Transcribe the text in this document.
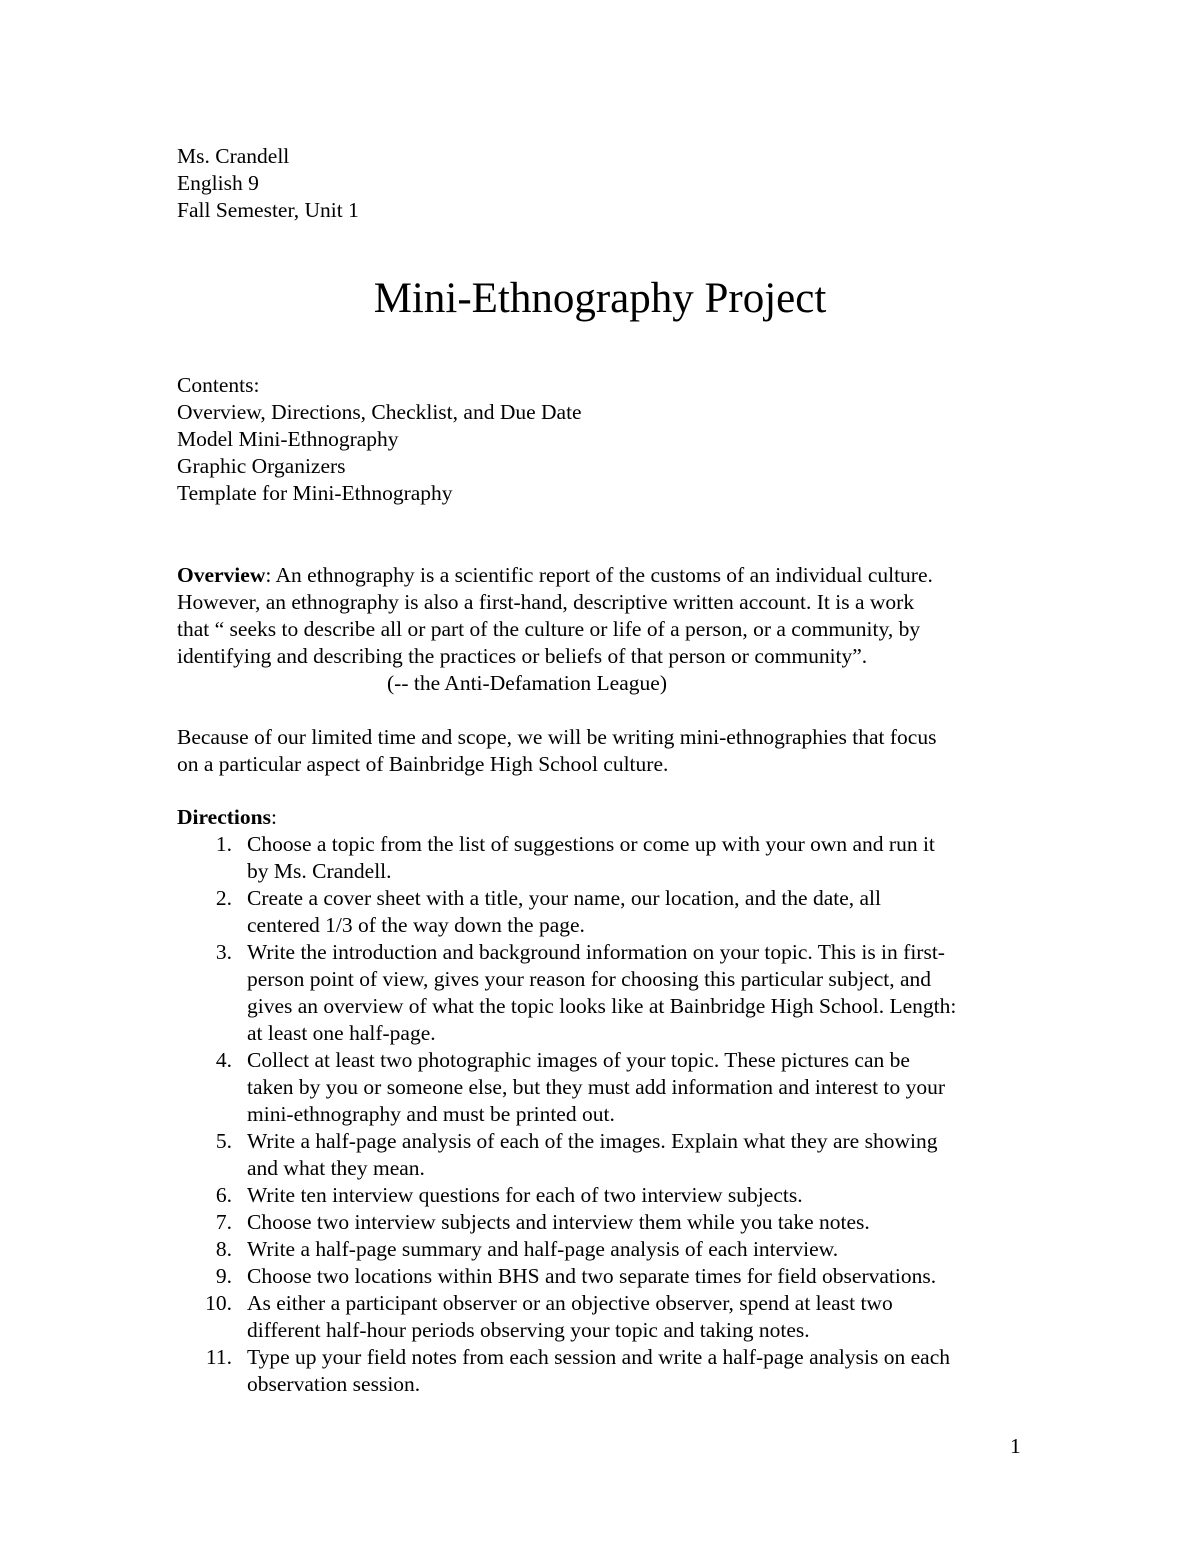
Ms. Crandell
English 9
Fall Semester, Unit 1
Mini-Ethnography Project
Contents:
Overview, Directions, Checklist, and Due Date
Model Mini-Ethnography
Graphic Organizers
Template for Mini-Ethnography
Overview: An ethnography is a scientific report of the customs of an individual culture.
However, an ethnography is also a first-hand, descriptive written account. It is a work
that “ seeks to describe all or part of the culture or life of a person, or a community, by
identifying and describing the practices or beliefs of that person or community”.
(-- the Anti-Defamation League)
Because of our limited time and scope, we will be writing mini-ethnographies that focus
on a particular aspect of Bainbridge High School culture.
Directions:
1. Choose a topic from the list of suggestions or come up with your own and run it
by Ms. Crandell.
2. Create a cover sheet with a title, your name, our location, and the date, all
centered 1/3 of the way down the page.
3. Write the introduction and background information on your topic. This is in first-
person point of view, gives your reason for choosing this particular subject, and
gives an overview of what the topic looks like at Bainbridge High School. Length:
at least one half-page.
4. Collect at least two photographic images of your topic. These pictures can be
taken by you or someone else, but they must add information and interest to your
mini-ethnography and must be printed out.
5. Write a half-page analysis of each of the images. Explain what they are showing
and what they mean.
6. Write ten interview questions for each of two interview subjects.
7. Choose two interview subjects and interview them while you take notes.
8. Write a half-page summary and half-page analysis of each interview.
9. Choose two locations within BHS and two separate times for field observations.
10. As either a participant observer or an objective observer, spend at least two
different half-hour periods observing your topic and taking notes.
11. Type up your field notes from each session and write a half-page analysis on each
observation session.
1
